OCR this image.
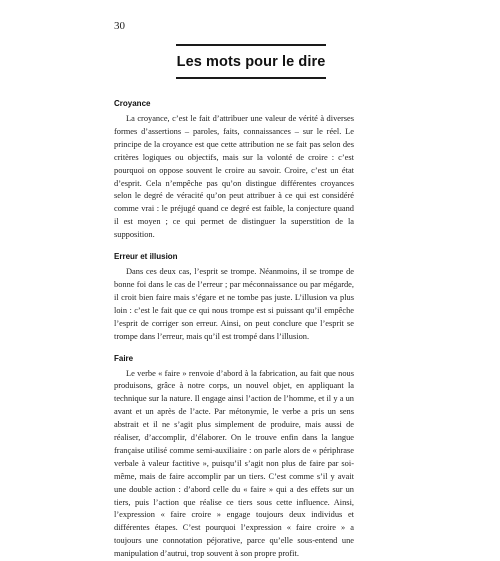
30
Les mots pour le dire
Croyance

La croyance, c’est le fait d’attribuer une valeur de vérité à diverses formes d’assertions – paroles, faits, connaissances – sur le réel. Le principe de la croyance est que cette attribution ne se fait pas selon des critères logiques ou objectifs, mais sur la volonté de croire : c’est pourquoi on oppose souvent le croire au savoir. Croire, c’est un état d’esprit. Cela n’empêche pas qu’on distingue différentes croyances selon le degré de véracité qu’on peut attribuer à ce qui est considéré comme vrai : le préjugé quand ce degré est faible, la conjecture quand il est moyen ; ce qui permet de distinguer la superstition de la supposition.

Erreur et illusion

Dans ces deux cas, l’esprit se trompe. Néanmoins, il se trompe de bonne foi dans le cas de l’erreur ; par méconnaissance ou par mégarde, il croit bien faire mais s’égare et ne tombe pas juste. L’illusion va plus loin : c’est le fait que ce qui nous trompe est si puissant qu’il empêche l’esprit de corriger son erreur. Ainsi, on peut conclure que l’esprit se trompe dans l’erreur, mais qu’il est trompé dans l’illusion.

Faire

Le verbe « faire » renvoie d’abord à la fabrication, au fait que nous produisons, grâce à notre corps, un nouvel objet, en appliquant la technique sur la nature. Il engage ainsi l’action de l’homme, et il y a un avant et un après de l’acte. Par métonymie, le verbe a pris un sens abstrait et il ne s’agit plus simplement de produire, mais aussi de réaliser, d’accomplir, d’élaborer. On le trouve enfin dans la langue française utilisé comme semi-auxiliaire : on parle alors de « périphrase verbale à valeur factitive », puisqu’il s’agit non plus de faire par soi-même, mais de faire accomplir par un tiers. C’est comme s’il y avait une double action : d’abord celle du « faire » qui a des effets sur un tiers, puis l’action que réalise ce tiers sous cette influence. Ainsi, l’expression « faire croire » engage toujours deux individus et différentes étapes. C’est pourquoi l’expression « faire croire » a toujours une connotation péjorative, parce qu’elle sous-entend une manipulation d’autrui, trop souvent à son propre profit.
